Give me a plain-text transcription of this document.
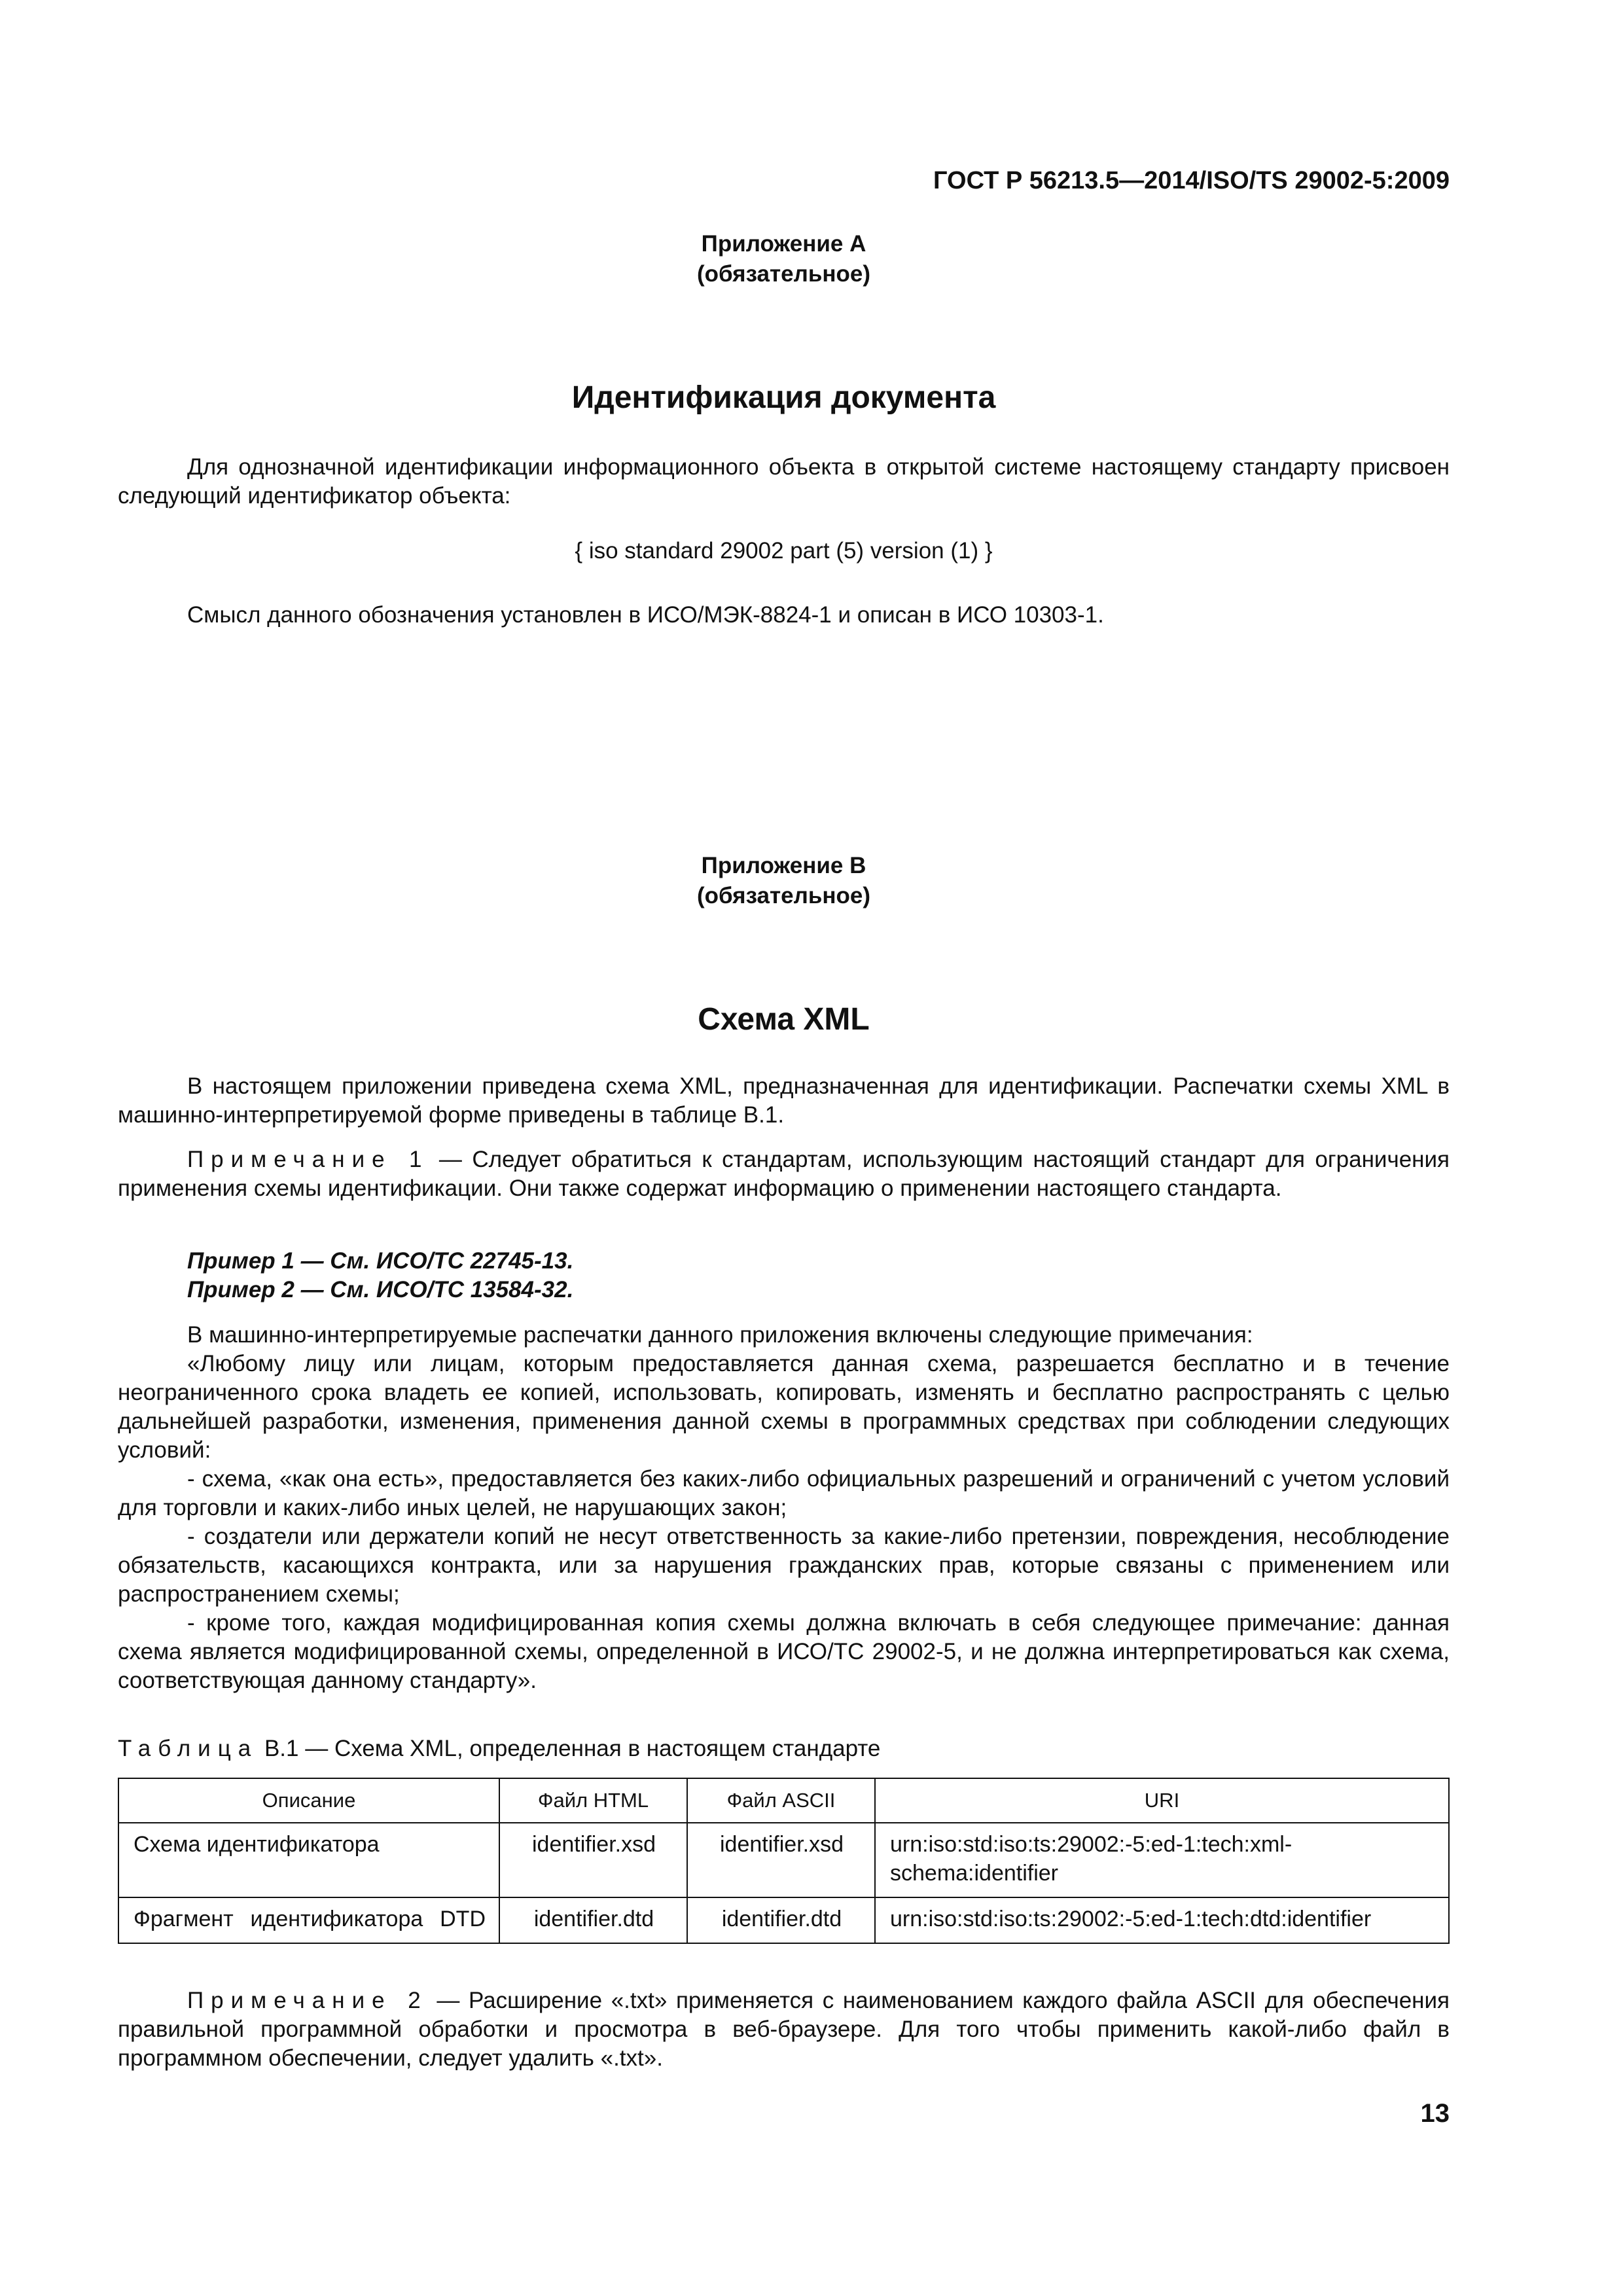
ГОСТ Р 56213.5—2014/ISO/TS 29002-5:2009

Приложение А
(обязательное)
Идентификация документа

Для однозначной идентификации информационного объекта в открытой системе настоящему стандарту присвоен следующий идентификатор объекта:

{ iso standard 29002 part (5) version (1) }

Смысл данного обозначения установлен в ИСО/МЭК-8824-1 и описан в ИСО 10303-1.

Приложение В
(обязательное)
Схема XML

В настоящем приложении приведена схема XML, предназначенная для идентификации. Распечатки схемы XML в машинно-интерпретируемой форме приведены в таблице В.1.

Примечание 1 — Следует обратиться к стандартам, использующим настоящий стандарт для ограничения применения схемы идентификации. Они также содержат информацию о применении настоящего стандарта.

Пример 1 — См. ИСО/ТС 22745-13.
Пример 2 — См. ИСО/ТС 13584-32.

В машинно-интерпретируемые распечатки данного приложения включены следующие примечания:

«Любому лицу или лицам, которым предоставляется данная схема, разрешается бесплатно и в течение неограниченного срока владеть ее копией, использовать, копировать, изменять и бесплатно распространять с целью дальнейшей разработки, изменения, применения данной схемы в программных средствах при соблюдении следующих условий:

- схема, «как она есть», предоставляется без каких-либо официальных разрешений и ограничений с учетом условий для торговли и каких-либо иных целей, не нарушающих закон;

- создатели или держатели копий не несут ответственность за какие-либо претензии, повреждения, несоблюдение обязательств, касающихся контракта, или за нарушения гражданских прав, которые связаны с применением или распространением схемы;

- кроме того, каждая модифицированная копия схемы должна включать в себя следующее примечание: данная схема является модифицированной схемы, определенной в ИСО/ТС 29002-5, и не должна интерпретироваться как схема, соответствующая данному стандарту».

Таблица В.1 — Схема XML, определенная в настоящем стандарте

Описание	Файл HTML	Файл ASCII	URI
Схема идентификатора	identifier.xsd	identifier.xsd	urn:iso:std:iso:ts:29002:-5:ed-1:tech:xml-schema:identifier
Фрагмент идентификатора DTD	identifier.dtd	identifier.dtd	urn:iso:std:iso:ts:29002:-5:ed-1:tech:dtd:identifier

Примечание 2 — Расширение «.txt» применяется с наименованием каждого файла ASCII для обеспечения правильной программной обработки и просмотра в веб-браузере. Для того чтобы применить какой-либо файл в программном обеспечении, следует удалить «.txt».

13
